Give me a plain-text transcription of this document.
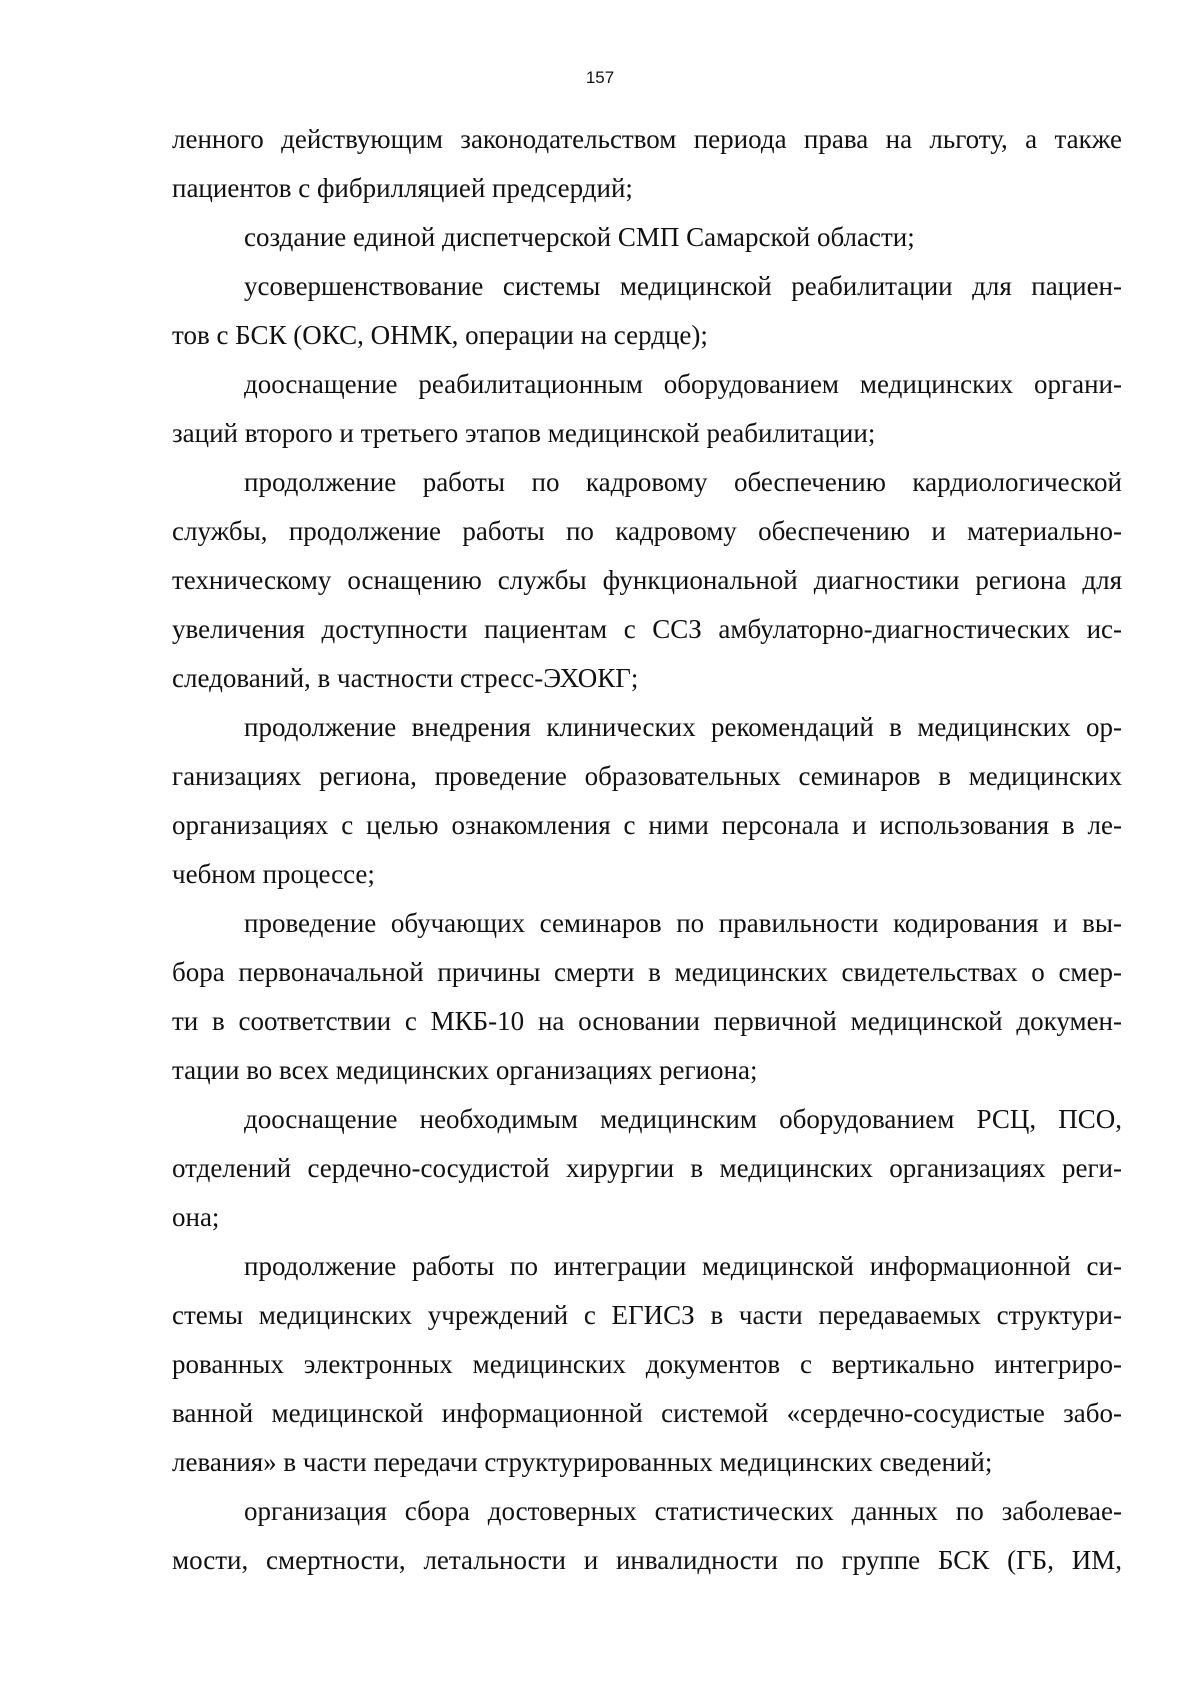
157
ленного действующим законодательством периода права на льготу, а также
пациентов с фибрилляцией предсердий;
создание единой диспетчерской СМП Самарской области;
усовершенствование системы медицинской реабилитации для пациен-
тов с БСК (ОКС, ОНМК, операции на сердце);
дооснащение реабилитационным оборудованием медицинских органи-
заций второго и третьего этапов медицинской реабилитации;
продолжение работы по кадровому обеспечению кардиологической
службы, продолжение работы по кадровому обеспечению и материально-
техническому оснащению службы функциональной диагностики региона для
увеличения доступности пациентам с ССЗ амбулаторно-диагностических ис-
следований, в частности стресс-ЭХОКГ;
продолжение внедрения клинических рекомендаций в медицинских ор-
ганизациях региона, проведение образовательных семинаров в медицинских
организациях с целью ознакомления с ними персонала и использования в ле-
чебном процессе;
проведение обучающих семинаров по правильности кодирования и вы-
бора первоначальной причины смерти в медицинских свидетельствах о смер-
ти в соответствии с МКБ-10 на основании первичной медицинской докумен-
тации во всех медицинских организациях региона;
дооснащение необходимым медицинским оборудованием РСЦ, ПСО,
отделений сердечно-сосудистой хирургии в медицинских организациях реги-
она;
продолжение работы по интеграции медицинской информационной си-
стемы медицинских учреждений с ЕГИСЗ в части передаваемых структури-
рованных электронных медицинских документов с вертикально интегриро-
ванной медицинской информационной системой «сердечно-сосудистые забо-
левания» в части передачи структурированных медицинских сведений;
организация сбора достоверных статистических данных по заболевае-
мости, смертности, летальности и инвалидности по группе БСК (ГБ, ИМ,
